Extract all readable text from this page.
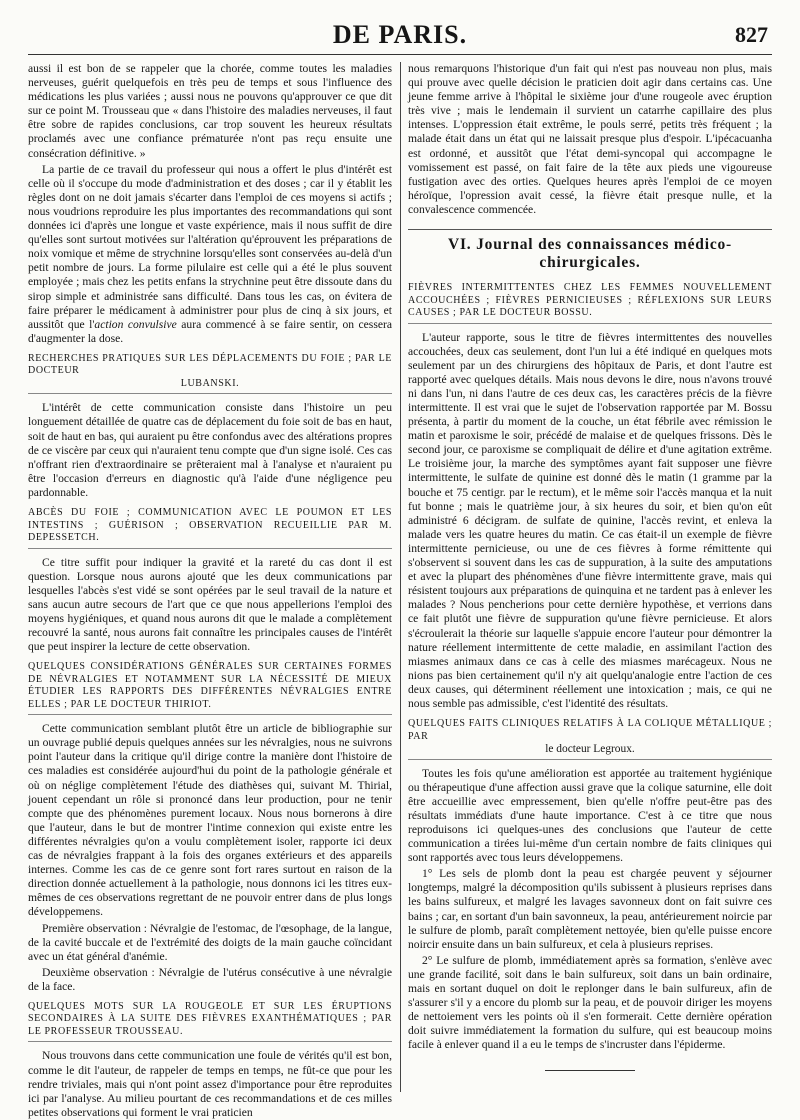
DE PARIS.	827

aussi il est bon de se rappeler que la chorée, comme toutes les maladies nerveuses, guérit quelquefois en très peu de temps et sous l'influence des médications les plus variées ; aussi nous ne pouvons qu'approuver ce que dit sur ce point M. Trousseau que « dans l'histoire des maladies nerveuses, il faut être sobre de rapides conclusions, car trop souvent les heureux résultats proclamés avec une confiance prématurée n'ont pas reçu ensuite une consécration définitive. »

La partie de ce travail du professeur qui nous a offert le plus d'intérêt est celle où il s'occupe du mode d'administration et des doses ; car il y établit les règles dont on ne doit jamais s'écarter dans l'emploi de ces moyens si actifs ; nous voudrions reproduire les plus importantes des recommandations qui sont données ici d'après une longue et vaste expérience, mais il nous suffit de dire qu'elles sont surtout motivées sur l'altération qu'éprouvent les préparations de noix vomique et même de strychnine lorsqu'elles sont conservées au-delà d'un petit nombre de jours. La forme pilulaire est celle qui a été le plus souvent employée ; mais chez les petits enfans la strychnine peut être dissoute dans du sirop simple et administrée sans difficulté. Dans tous les cas, on évitera de faire préparer le médicament à administrer pour plus de cinq à six jours, et aussitôt que l'action convulsive aura commencé à se faire sentir, on cessera d'augmenter la dose.

RECHERCHES PRATIQUES SUR LES DÉPLACEMENTS DU FOIE ; PAR LE DOCTEUR

LUBANSKI.

L'intérêt de cette communication consiste dans l'histoire un peu longuement détaillée de quatre cas de déplacement du foie soit de bas en haut, soit de haut en bas, qui auraient pu être confondus avec des altérations propres de ce viscère par ceux qui n'auraient tenu compte que d'un signe isolé. Ces cas n'offrant rien d'extraordinaire se prêteraient mal à l'analyse et n'auraient pu être l'occasion d'erreurs en diagnostic qu'à l'aide d'une négligence peu pardonnable.

ABCÈS DU FOIE ; COMMUNICATION AVEC LE POUMON ET LES INTESTINS ; GUÉRISON ; OBSERVATION RECUEILLIE PAR M. DEPESSETCH.

Ce titre suffit pour indiquer la gravité et la rareté du cas dont il est question. Lorsque nous aurons ajouté que les deux communications par lesquelles l'abcès s'est vidé se sont opérées par le seul travail de la nature et sans aucun autre secours de l'art que ce que nous appellerions l'emploi des moyens hygiéniques, et quand nous aurons dit que le malade a complètement recouvré la santé, nous aurons fait connaître les principales causes de l'intérêt que peut inspirer la lecture de cette observation.

QUELQUES CONSIDÉRATIONS GÉNÉRALES SUR CERTAINES FORMES DE NÉVRALGIES ET NOTAMMENT SUR LA NÉCESSITÉ DE MIEUX ÉTUDIER LES RAPPORTS DES DIFFÉRENTES NÉVRALGIES ENTRE ELLES ; PAR LE DOCTEUR THIRIOT.

Cette communication semblant plutôt être un article de bibliographie sur un ouvrage publié depuis quelques années sur les névralgies, nous ne suivrons point l'auteur dans la critique qu'il dirige contre la manière dont l'histoire de ces maladies est considérée aujourd'hui du point de la pathologie générale et où on néglige complètement l'étude des diathèses qui, suivant M. Thirial, jouent cependant un rôle si prononcé dans leur production, pour ne tenir compte que des phénomènes purement locaux. Nous nous bornerons à dire que l'auteur, dans le but de montrer l'intime connexion qui existe entre les différentes névralgies qu'on a voulu complètement isoler, rapporte ici deux cas de névralgies frappant à la fois des organes extérieurs et des appareils internes. Comme les cas de ce genre sont fort rares surtout en raison de la direction donnée actuellement à la pathologie, nous donnons ici les titres eux-mêmes de ces observations regrettant de ne pouvoir entrer dans de plus longs développemens.

Première observation : Névralgie de l'estomac, de l'œsophage, de la langue, de la cavité buccale et de l'extrémité des doigts de la main gauche coïncidant avec un état général d'anémie.

Deuxième observation : Névralgie de l'utérus consécutive à une névralgie de la face.

QUELQUES MOTS SUR LA ROUGEOLE ET SUR LES ÉRUPTIONS SECONDAIRES À LA SUITE DES FIÈVRES EXANTHÉMATIQUES ; PAR LE PROFESSEUR TROUSSEAU.

Nous trouvons dans cette communication une foule de vérités qu'il est bon, comme le dit l'auteur, de rappeler de temps en temps, ne fût-ce que pour les rendre triviales, mais qui n'ont point assez d'importance pour être reproduites ici par l'analyse. Au milieu pourtant de ces recommandations et de ces milles petites observations qui forment le vrai praticien

nous remarquons l'historique d'un fait qui n'est pas nouveau non plus, mais qui prouve avec quelle décision le praticien doit agir dans certains cas. Une jeune femme arrive à l'hôpital le sixième jour d'une rougeole avec éruption très vive ; mais le lendemain il survient un catarrhe capillaire des plus intenses. L'oppression était extrême, le pouls serré, petits très fréquent ; la malade était dans un état qui ne laissait presque plus d'espoir. L'ipécacuanha est ordonné, et aussitôt que l'état demi-syncopal qui accompagne le vomissement est passé, on fait faire de la tête aux pieds une vigoureuse fustigation avec des orties. Quelques heures après l'emploi de ce moyen héroïque, l'opression avait cessé, la fièvre était presque nulle, et la convalescence commencée.

VI. Journal des connaissances médico-chirurgicales.
FIÈVRES INTERMITTENTES CHEZ LES FEMMES NOUVELLEMENT ACCOUCHÉES ; FIÈVRES PERNICIEUSES ; RÉFLEXIONS SUR LEURS CAUSES ; PAR LE DOCTEUR BOSSU.

L'auteur rapporte, sous le titre de fièvres intermittentes des nouvelles accouchées, deux cas seulement, dont l'un lui a été indiqué en quelques mots seulement par un des chirurgiens des hôpitaux de Paris, et dont l'autre est rapporté avec quelques détails. Mais nous devons le dire, nous n'avons trouvé ni dans l'un, ni dans l'autre de ces deux cas, les caractères précis de la fièvre intermittente. Il est vrai que le sujet de l'observation rapportée par M. Bossu présenta, à partir du moment de la couche, un état fébrile avec rémission le matin et paroxisme le soir, précédé de malaise et de quelques frissons. Dès le second jour, ce paroxisme se compliquait de délire et d'une agitation extrême. Le troisième jour, la marche des symptômes ayant fait supposer une fièvre intermittente, le sulfate de quinine est donné dès le matin (1 gramme par la bouche et 75 centigr. par le rectum), et le même soir l'accès manqua et la nuit fut bonne ; mais le quatrième jour, à six heures du soir, et bien qu'on eût administré 6 décigram. de sulfate de quinine, l'accès revint, et enleva la malade vers les quatre heures du matin. Ce cas était-il un exemple de fièvre intermittente pernicieuse, ou une de ces fièvres à forme rémittente qui s'observent si souvent dans les cas de suppuration, à la suite des amputations et avec la plupart des phénomènes d'une fièvre intermittente grave, mais qui résistent toujours aux préparations de quinquina et ne tardent pas à enlever les malades ? Nous pencherions pour cette dernière hypothèse, et verrions dans ce fait plutôt une fièvre de suppuration qu'une fièvre pernicieuse. Et alors s'écroulerait la théorie sur laquelle s'appuie encore l'auteur pour démontrer la nature réellement intermittente de cette maladie, en assimilant l'action des miasmes animaux dans ce cas à celle des miasmes marécageux. Nous ne nions pas bien certainement qu'il n'y ait quelqu'analogie entre l'action de ces deux causes, qui déterminent réellement une intoxication ; mais, ce qui ne nous semble pas admissible, c'est l'identité des résultats.

QUELQUES FAITS CLINIQUES RELATIFS À LA COLIQUE MÉTALLIQUE ; PAR
le docteur Legroux.

Toutes les fois qu'une amélioration est apportée au traitement hygiénique ou thérapeutique d'une affection aussi grave que la colique saturnine, elle doit être accueillie avec empressement, bien qu'elle n'offre peut-être pas des résultats immédiats d'une haute importance. C'est à ce titre que nous reproduisons ici quelques-unes des conclusions que l'auteur de cette communication a tirées lui-même d'un certain nombre de faits cliniques qui sont rapportés avec tous leurs développemens.

1° Les sels de plomb dont la peau est chargée peuvent y séjourner longtemps, malgré la décomposition qu'ils subissent à plusieurs reprises dans les bains sulfureux, et malgré les lavages savonneux dont on fait suivre ces bains ; car, en sortant d'un bain savonneux, la peau, antérieurement noircie par le sulfure de plomb, paraît complètement nettoyée, bien qu'elle puisse encore noircir ensuite dans un bain sulfureux, et cela à plusieurs reprises.

2° Le sulfure de plomb, immédiatement après sa formation, s'enlève avec une grande facilité, soit dans le bain sulfureux, soit dans un bain ordinaire, mais en sortant duquel on doit le replonger dans le bain sulfureux, afin de s'assurer s'il y a encore du plomb sur la peau, et de pouvoir diriger les moyens de nettoiement vers les points où il s'en formerait. Cette dernière opération doit suivre immédiatement la formation du sulfure, qui est beaucoup moins facile à enlever quand il a eu le temps de s'incruster dans l'épiderme.
